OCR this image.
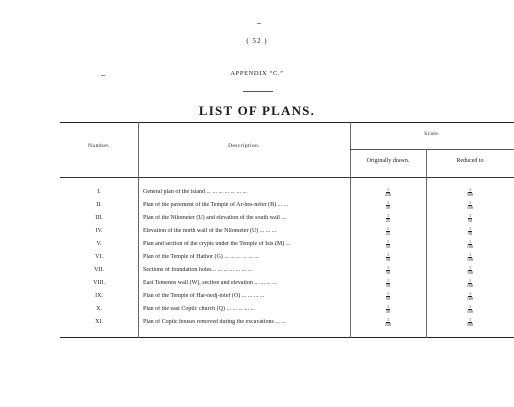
( 52 )
APPENDIX “C.”
LIST OF PLANS.
Number.	Description.
Scale.
Originally drawn.	Reduced to
I.	General plan of the island ... ... ... ... ... ... ...	$\frac{1}{250}$	$\frac{1}{500}$
II.	Plan of the pavement of the Temple of Ar-hes-nefer (B) ... ...	$\frac{1}{50}$	$\frac{1}{100}$
III.	Plan of the Nilometer (U) and elevation of the south wall ...	$\frac{1}{25}$	$\frac{1}{50}$
IV.	Elevation of the north wall of the Nilometer (U) ... ... ...	$\frac{1}{25}$	$\frac{1}{50}$
V.	Plan and section of the crypts under the Temple of Isis (M) ...	$\frac{1}{50}$	$\frac{1}{100}$
VI.	Plan of the Temple of Hathor (G) ... ... ... ... ... ...	$\frac{1}{50}$	$\frac{1}{100}$
VII.	Sections of foundation holes... ... ... ... ... ... ...	$\frac{1}{50}$	$\frac{1}{100}$
VIII.	East Temenos wall (W), section and elevation ... ... ... ...	$\frac{1}{50}$	$\frac{1}{100}$
IX.	Plan of the Temple of Har-nedj-totef (O) ... ... ... ...	$\frac{1}{50}$	$\frac{1}{100}$
X.	Plan of the east Coptic church (Q) ... ... ... ... ...	$\frac{1}{50}$	$\frac{1}{100}$
XI.	Plan of Coptic houses removed during the excavations ... ...	$\frac{1}{250}$	$\frac{1}{500}$
